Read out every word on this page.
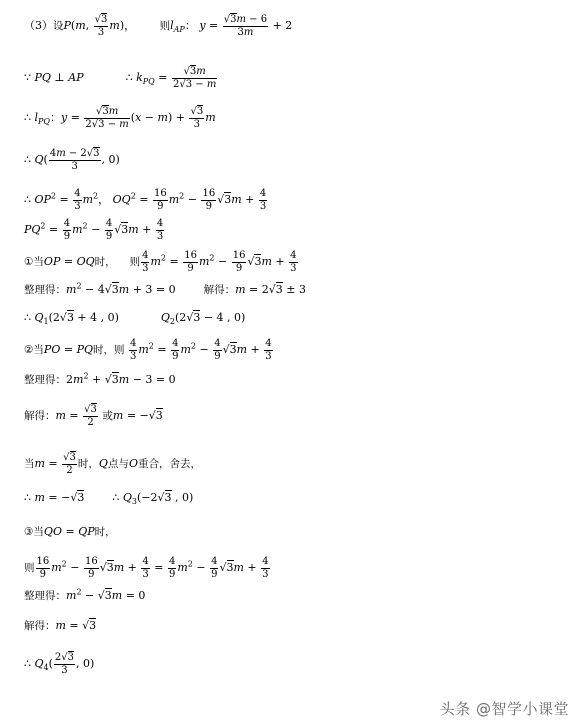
（3）设P(m, $\frac{√3}{3} m$)，       则$l_{AP}$： $y = \frac{√3m - 6}{3m} + 2$
∵ PQ ⊥ AP            ∴ $k_{PQ} = \frac{√3m}{2√3 - m}$
∴ $l_{PQ}$：$y = \frac{√3m}{2√3 - m} (x - m) + \frac{√3}{3}$ m
∴ $Q( \frac{4m - 2√3}{3}$ , 0)
∴ $OP^2 = \frac{4}{3} m^2$， $OQ^2 = \frac{16}{9} m^2 - \frac{16}{9} √3m + \frac{4}{3}$
$PQ^2 = \frac{4}{9} m^2 - \frac{4}{9} √3m + \frac{4}{3}$
①当OP = OQ时， 则 $\frac{4}{3} m^2 = \frac{16}{9} m^2 - \frac{16}{9} √3m + \frac{4}{3}$
整理得：$m^2 - 4√3m + 3 = 0$        解得：m = 2√3 ± 3
∴ $Q_1(2√3 + 4$ , 0)            $Q_2(2√3 - 4$ , 0)
②当PO = PQ时，则 $\frac{4}{3} m^2 = \frac{4}{9} m^2 - \frac{4}{9} √3m + \frac{4}{3}$
整理得：$2m^2 + √3m - 3 = 0$
解得：$m = \frac{√3}{2}$ 或m = −√3
当$m = \frac{√3}{2}$ 时，Q点与O重合，舍去，
∴ m = −√3        ∴ $Q_3(-2√3$ , 0)
③当QO = QP时，
则 $\frac{16}{9} m^2 - \frac{16}{9} √3m + \frac{4}{3} = \frac{4}{9} m^2 - \frac{4}{9} √3m + \frac{4}{3}$
整理得：$m^2 - √3m = 0$
解得：m = √3
∴ $Q_4( \frac{2√3}{3}$ , 0)
头条 @智学小课堂
